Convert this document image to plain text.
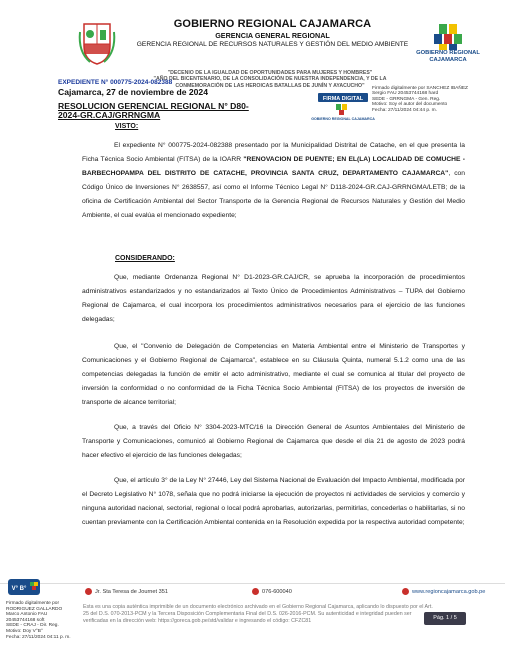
GOBIERNO REGIONAL CAJAMARCA
GERENCIA GENERAL REGIONAL
GERENCIA REGIONAL DE RECURSOS NATURALES Y GESTIÓN DEL MEDIO AMBIENTE
GOBIERNO REGIONAL CAJAMARCA
"DECENIO DE LA IGUALDAD DE OPORTUNIDADES PARA MUJERES Y HOMBRES"
"AÑO DEL BICENTENARIO, DE LA CONSOLIDACIÓN DE NUESTRA INDEPENDENCIA, Y DE LA
CONMEMORACIÓN DE LAS HEROICAS BATALLAS DE JUNÍN Y AYACUCHO"
EXPEDIENTE N° 000775-2024-082388
Cajamarca, 27 de noviembre de 2024
RESOLUCION GERENCIAL REGIONAL N° D80-2024-GR.CAJ/GRRNGMA
FIRMA DIGITAL
GOBIERNO REGIONAL CAJAMARCA
Firmado digitalmente por SANCHEZ IBAÑEZ
Sergio FAU 20453744168 hard
SEDE - GRRNGMA - Gen. Reg.
Motivo: Soy el autor del documento
Fecha: 27/11/2024 04:44 p. m.
VISTO:
El expediente N° 000775-2024-082388 presentado por la Municipalidad Distrital de Catache, en el que presenta la Ficha Técnica Socio Ambiental (FITSA) de la IOARR "RENOVACION DE PUENTE; EN EL(LA) LOCALIDAD DE COMUCHE - BARBECHOPAMPA DEL DISTRITO DE CATACHE, PROVINCIA SANTA CRUZ, DEPARTAMENTO CAJAMARCA", con Código Único de Inversiones N° 2638557, así como el Informe Técnico Legal N° D118-2024-GR.CAJ-GRRNGMA/LETB; de la oficina de Certificación Ambiental del Sector Transporte de la Gerencia Regional de Recursos Naturales y Gestión del Medio Ambiente, el cual evalúa el mencionado expediente;
CONSIDERANDO:
Que, mediante Ordenanza Regional N° D1-2023-GR.CAJ/CR, se aprueba la incorporación de procedimientos administrativos estandarizados y no estandarizados al Texto Único de Procedimientos Administrativos – TUPA del Gobierno Regional de Cajamarca, el cual incorpora los procedimientos administrativos necesarios para el ejercicio de las funciones delegadas;
Que, el "Convenio de Delegación de Competencias en Materia Ambiental entre el Ministerio de Transportes y Comunicaciones y el Gobierno Regional de Cajamarca", establece en su Cláusula Quinta, numeral 5.1.2 como una de las competencias delegadas la función de emitir el acto administrativo, mediante el cual se comunica al titular del proyecto de inversión la conformidad o no conformidad de la Ficha Técnica Socio Ambiental (FITSA) de los proyectos de inversión de transporte de alcance territorial;
Que, a través del Oficio N° 3304-2023-MTC/16 la Dirección General de Asuntos Ambientales del Ministerio de Transporte y Comunicaciones, comunicó al Gobierno Regional de Cajamarca que desde el día 21 de agosto de 2023 podrá hacer efectivo el ejercicio de las funciones delegadas;
Que, el artículo 3° de la Ley N° 27446, Ley del Sistema Nacional de Evaluación del Impacto Ambiental, modificada por el Decreto Legislativo N° 1078, señala que no podrá iniciarse la ejecución de proyectos ni actividades de servicios y comercio y ninguna autoridad nacional, sectorial, regional o local podrá aprobarlas, autorizarlas, permitirlas, concederlas o habilitarlas, si no cuentan previamente con la Certificación Ambiental contenida en la Resolución expedida por la respectiva autoridad competente;
V° B°
Firmado digitalmente por
RODRIGUEZ GALLARDO
Marco Antonio FAU
20453744168 soft
SEDE - CRAJ - Dir. Reg.
Motivo: Doy V°B°
Fecha: 27/11/2024 04:11 p. m.
Jr. Sta Teresa de Journet 351	076-600040	www.regioncajamarca.gob.pe
Esta es una copia auténtica imprimible de un documento electrónico archivado en el Gobierno Regional Cajamarca, aplicando lo dispuesto por el Art. 25 del D.S. 070-2013-PCM y la Tercera Disposición Complementaria Final del D.S. 026-2016-PCM. Su autenticidad e integridad pueden ser verificadas en la dirección web: https://goreca.gob.pe/std/validar e ingresando el código: CFZC81	Pág. 1 / 5
